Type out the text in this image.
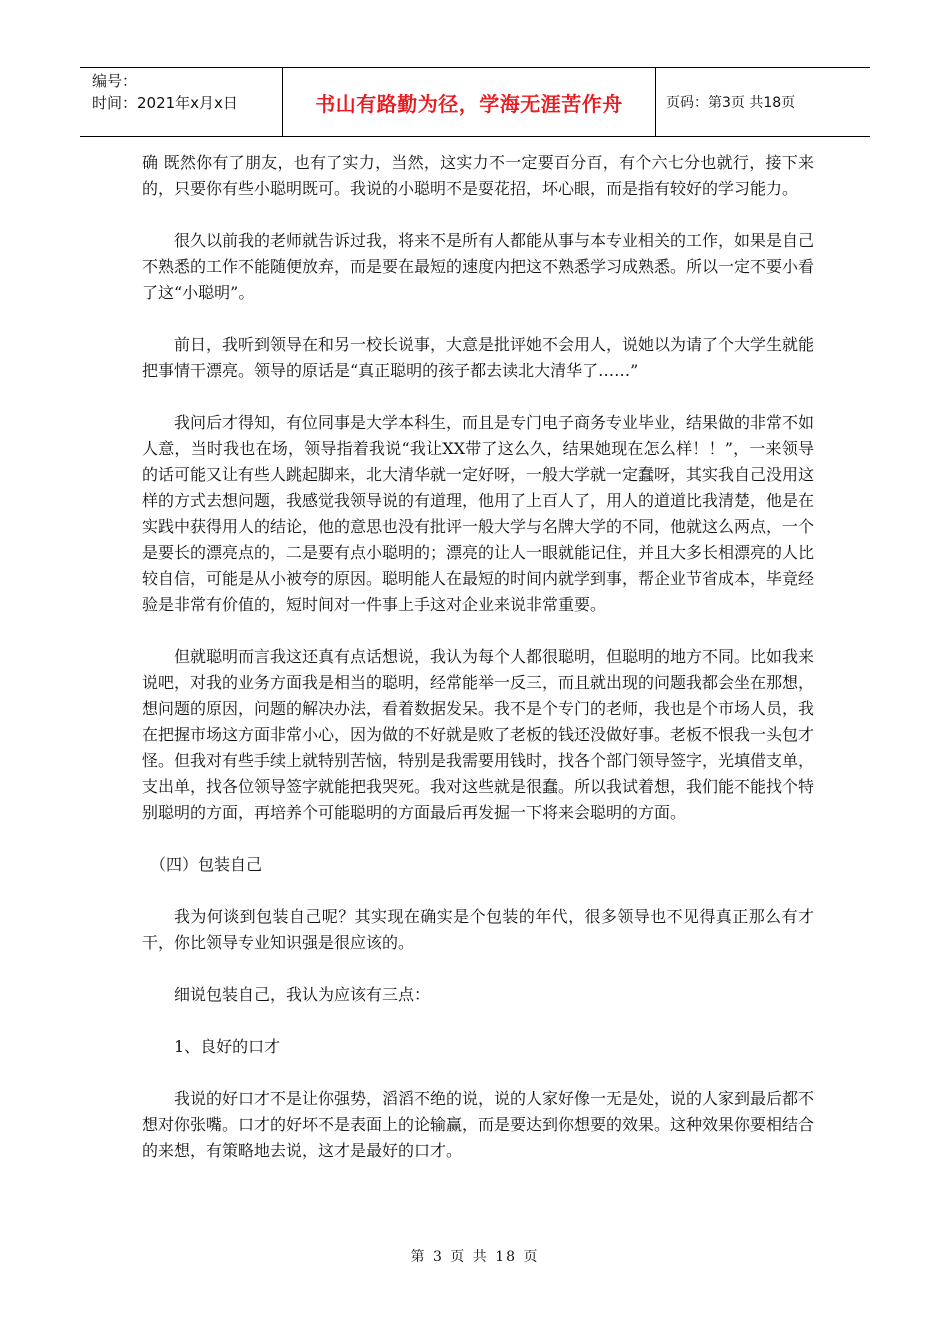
编号：
时间：2021年x月x日	书山有路勤为径，学海无涯苦作舟	页码：第3页 共18页

确 既然你有了朋友，也有了实力，当然，这实力不一定要百分百，有个六七分也就行，接下来的，只要你有些小聪明既可。我说的小聪明不是耍花招，坏心眼，而是指有较好的学习能力。

很久以前我的老师就告诉过我，将来不是所有人都能从事与本专业相关的工作，如果是自己不熟悉的工作不能随便放弃，而是要在最短的速度内把这不熟悉学习成熟悉。所以一定不要小看了这“小聪明”。

前日，我听到领导在和另一校长说事，大意是批评她不会用人，说她以为请了个大学生就能把事情干漂亮。领导的原话是“真正聪明的孩子都去读北大清华了……”

我问后才得知，有位同事是大学本科生，而且是专门电子商务专业毕业，结果做的非常不如人意，当时我也在场，领导指着我说“我让XX带了这么久，结果她现在怎么样！！”，一来领导的话可能又让有些人跳起脚来，北大清华就一定好呀，一般大学就一定蠢呀，其实我自己没用这样的方式去想问题，我感觉我领导说的有道理，他用了上百人了，用人的道道比我清楚，他是在实践中获得用人的结论，他的意思也没有批评一般大学与名牌大学的不同，他就这么两点，一个是要长的漂亮点的，二是要有点小聪明的；漂亮的让人一眼就能记住，并且大多长相漂亮的人比较自信，可能是从小被夸的原因。聪明能人在最短的时间内就学到事，帮企业节省成本，毕竟经验是非常有价值的，短时间对一件事上手这对企业来说非常重要。

但就聪明而言我这还真有点话想说，我认为每个人都很聪明，但聪明的地方不同。比如我来说吧，对我的业务方面我是相当的聪明，经常能举一反三，而且就出现的问题我都会坐在那想，想问题的原因，问题的解决办法，看着数据发呆。我不是个专门的老师，我也是个市场人员，我在把握市场这方面非常小心，因为做的不好就是败了老板的钱还没做好事。老板不恨我一头包才怪。但我对有些手续上就特别苦恼，特别是我需要用钱时，找各个部门领导签字，光填借支单，支出单，找各位领导签字就能把我哭死。我对这些就是很蠢。所以我试着想，我们能不能找个特别聪明的方面，再培养个可能聪明的方面最后再发掘一下将来会聪明的方面。

（四）包装自己

我为何谈到包装自己呢？其实现在确实是个包装的年代，很多领导也不见得真正那么有才干，你比领导专业知识强是很应该的。

细说包装自己，我认为应该有三点：

1、良好的口才

我说的好口才不是让你强势，滔滔不绝的说，说的人家好像一无是处，说的人家到最后都不想对你张嘴。口才的好坏不是表面上的论输赢，而是要达到你想要的效果。这种效果你要相结合的来想，有策略地去说，这才是最好的口才。

第 3 页 共 18 页
